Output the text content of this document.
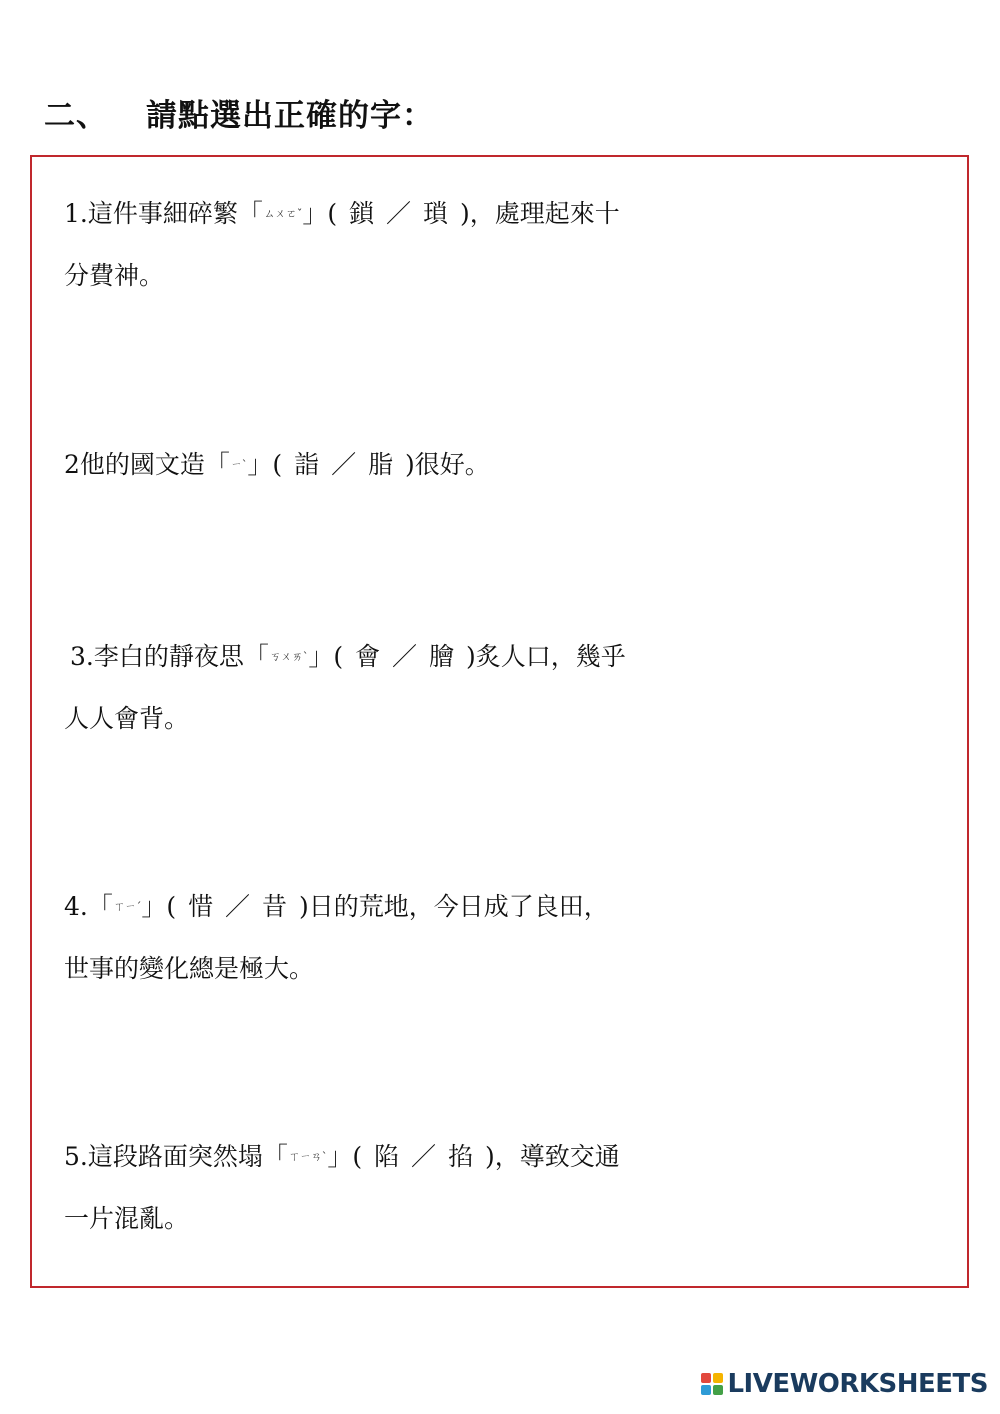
二、 請點選出正確的字：
1.這件事細碎繁「$^{ㄙㄨㄛˇ}$」( 鎖 ／ 瑣 )，處理起來十
分費神。
2他的國文造「$^{ㄧˋ}$」( 詣 ／ 脂 )很好。
3.李白的靜夜思「$^{ㄎㄨㄞˋ}$」( 會 ／ 膾 )炙人口，幾乎
人人會背。
4.「$^{ㄒㄧˊ}$」( 惜 ／ 昔 )日的荒地，今日成了良田，
世事的變化總是極大。
5.這段路面突然塌「$^{ㄒㄧㄢˋ}$」( 陷 ／ 掐 )，導致交通
一片混亂。
LIVEWORKSHEETS
